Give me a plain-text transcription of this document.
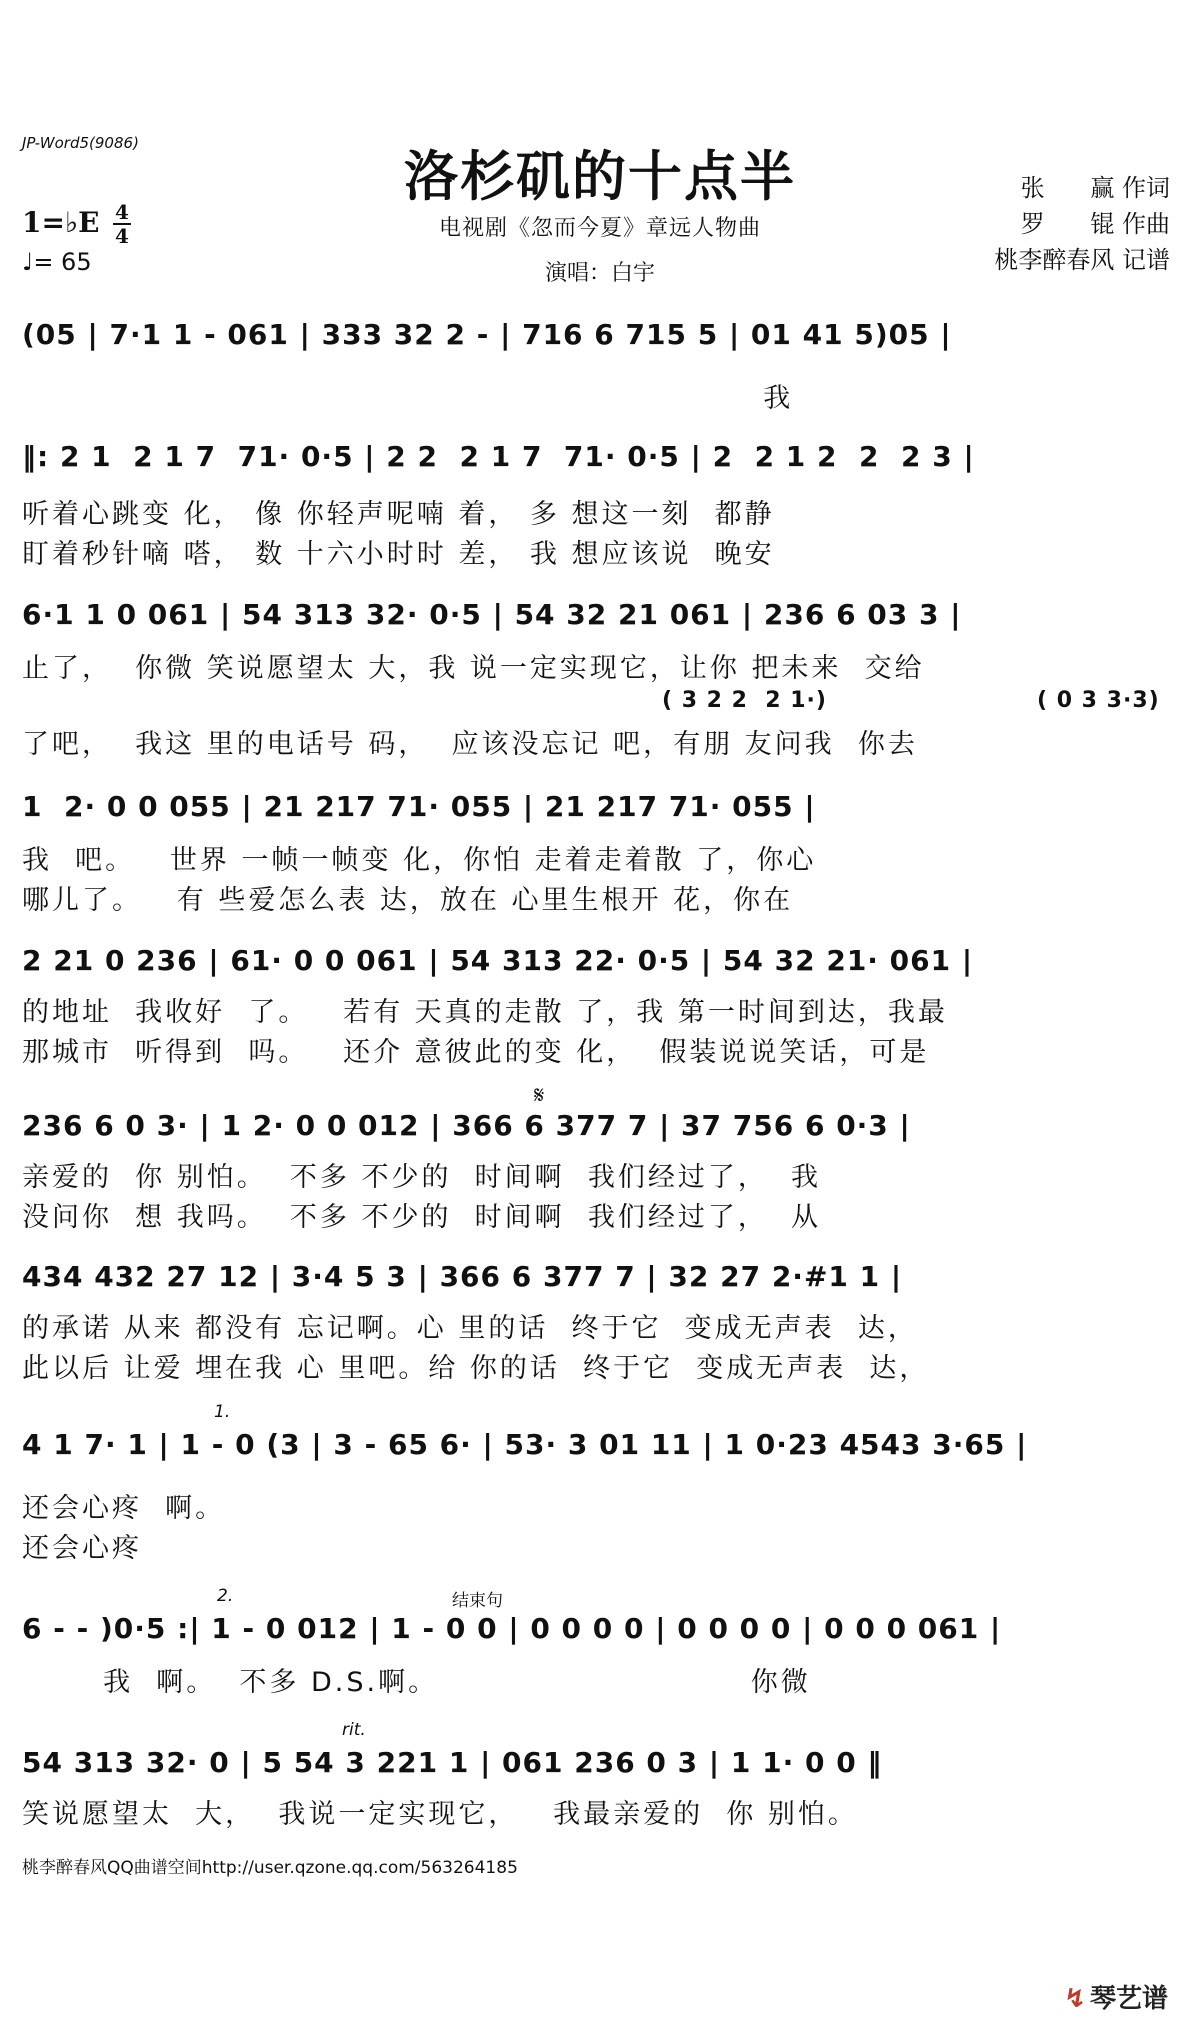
JP-Word5(9086)
洛杉矶的十点半
电视剧《忽而今夏》章远人物曲
演唱：白宇
1=♭E 4
4
♩= 65
张      赢 作词
罗      锟 作曲
桃李醉春风 记谱
(05 | 7·1 1 - 061 | 333 32 2 - | 716 6 715 5 | 01 41 5)05 |
我
‖: 2 1  2 1 7  71· 0·5 | 2 2  2 1 7  71· 0·5 | 2  2 1 2  2  2 3 |
听着心跳变 化， 像 你轻声呢喃 着， 多 想这一刻  都静
盯着秒针嘀 嗒， 数 十六小时时 差， 我 想应该说  晚安
6·1 1 0 061 | 54 313 32· 0·5 | 54 32 21 061 | 236 6 03 3 |
止了，  你微 笑说愿望太 大，我 说一定实现它，让你 把未来  交给
( 3 2 2  2 1·)	( 0 3 3·3)
了吧，  我这 里的电话号 码，  应该没忘记 吧，有朋 友问我  你去
1  2· 0 0 055 | 21 217 71· 055 | 21 217 71· 055 |
我  吧。   世界 一帧一帧变 化，你怕 走着走着散 了，你心
哪儿了。   有 些爱怎么表 达，放在 心里生根开 花，你在
2 21 0 236 | 61· 0 0 061 | 54 313 22· 0·5 | 54 32 21· 061 |
的地址  我收好  了。   若有 天真的走散 了，我 第一时间到达，我最
那城市  听得到  吗。   还介 意彼此的变 化，  假装说说笑话，可是
𝄋
236 6 0 3· | 1 2· 0 0 012 | 366 6 377 7 | 37 756 6 0·3 |
亲爱的  你 别怕。  不多 不少的  时间啊  我们经过了，  我
没问你  想 我吗。  不多 不少的  时间啊  我们经过了，  从
434 432 27 12 | 3·4 5 3 | 366 6 377 7 | 32 27 2·#1 1 |
的承诺 从来 都没有 忘记啊。心 里的话  终于它  变成无声表  达，
此以后 让爱 埋在我 心 里吧。给 你的话  终于它  变成无声表  达，
1.
4 1 7· 1 | 1 - 0 (3 | 3 - 65 6· | 53· 3 01 11 | 1 0·23 4543 3·65 |
还会心疼  啊。
还会心疼
2.	结束句
6 - - )0·5 :| 1 - 0 012 | 1 - 0 0 | 0 0 0 0 | 0 0 0 0 | 0 0 0 061 |
我  啊。  不多 D.S.啊。                           你微
rit.
54 313 32· 0 | 5 54 3 221 1 | 061 236 0 3 | 1 1· 0 0 ‖
笑说愿望太  大，  我说一定实现它，   我最亲爱的  你 别怕。
桃李醉春风QQ曲谱空间http://user.qzone.qq.com/563264185
↯ 琴艺谱
